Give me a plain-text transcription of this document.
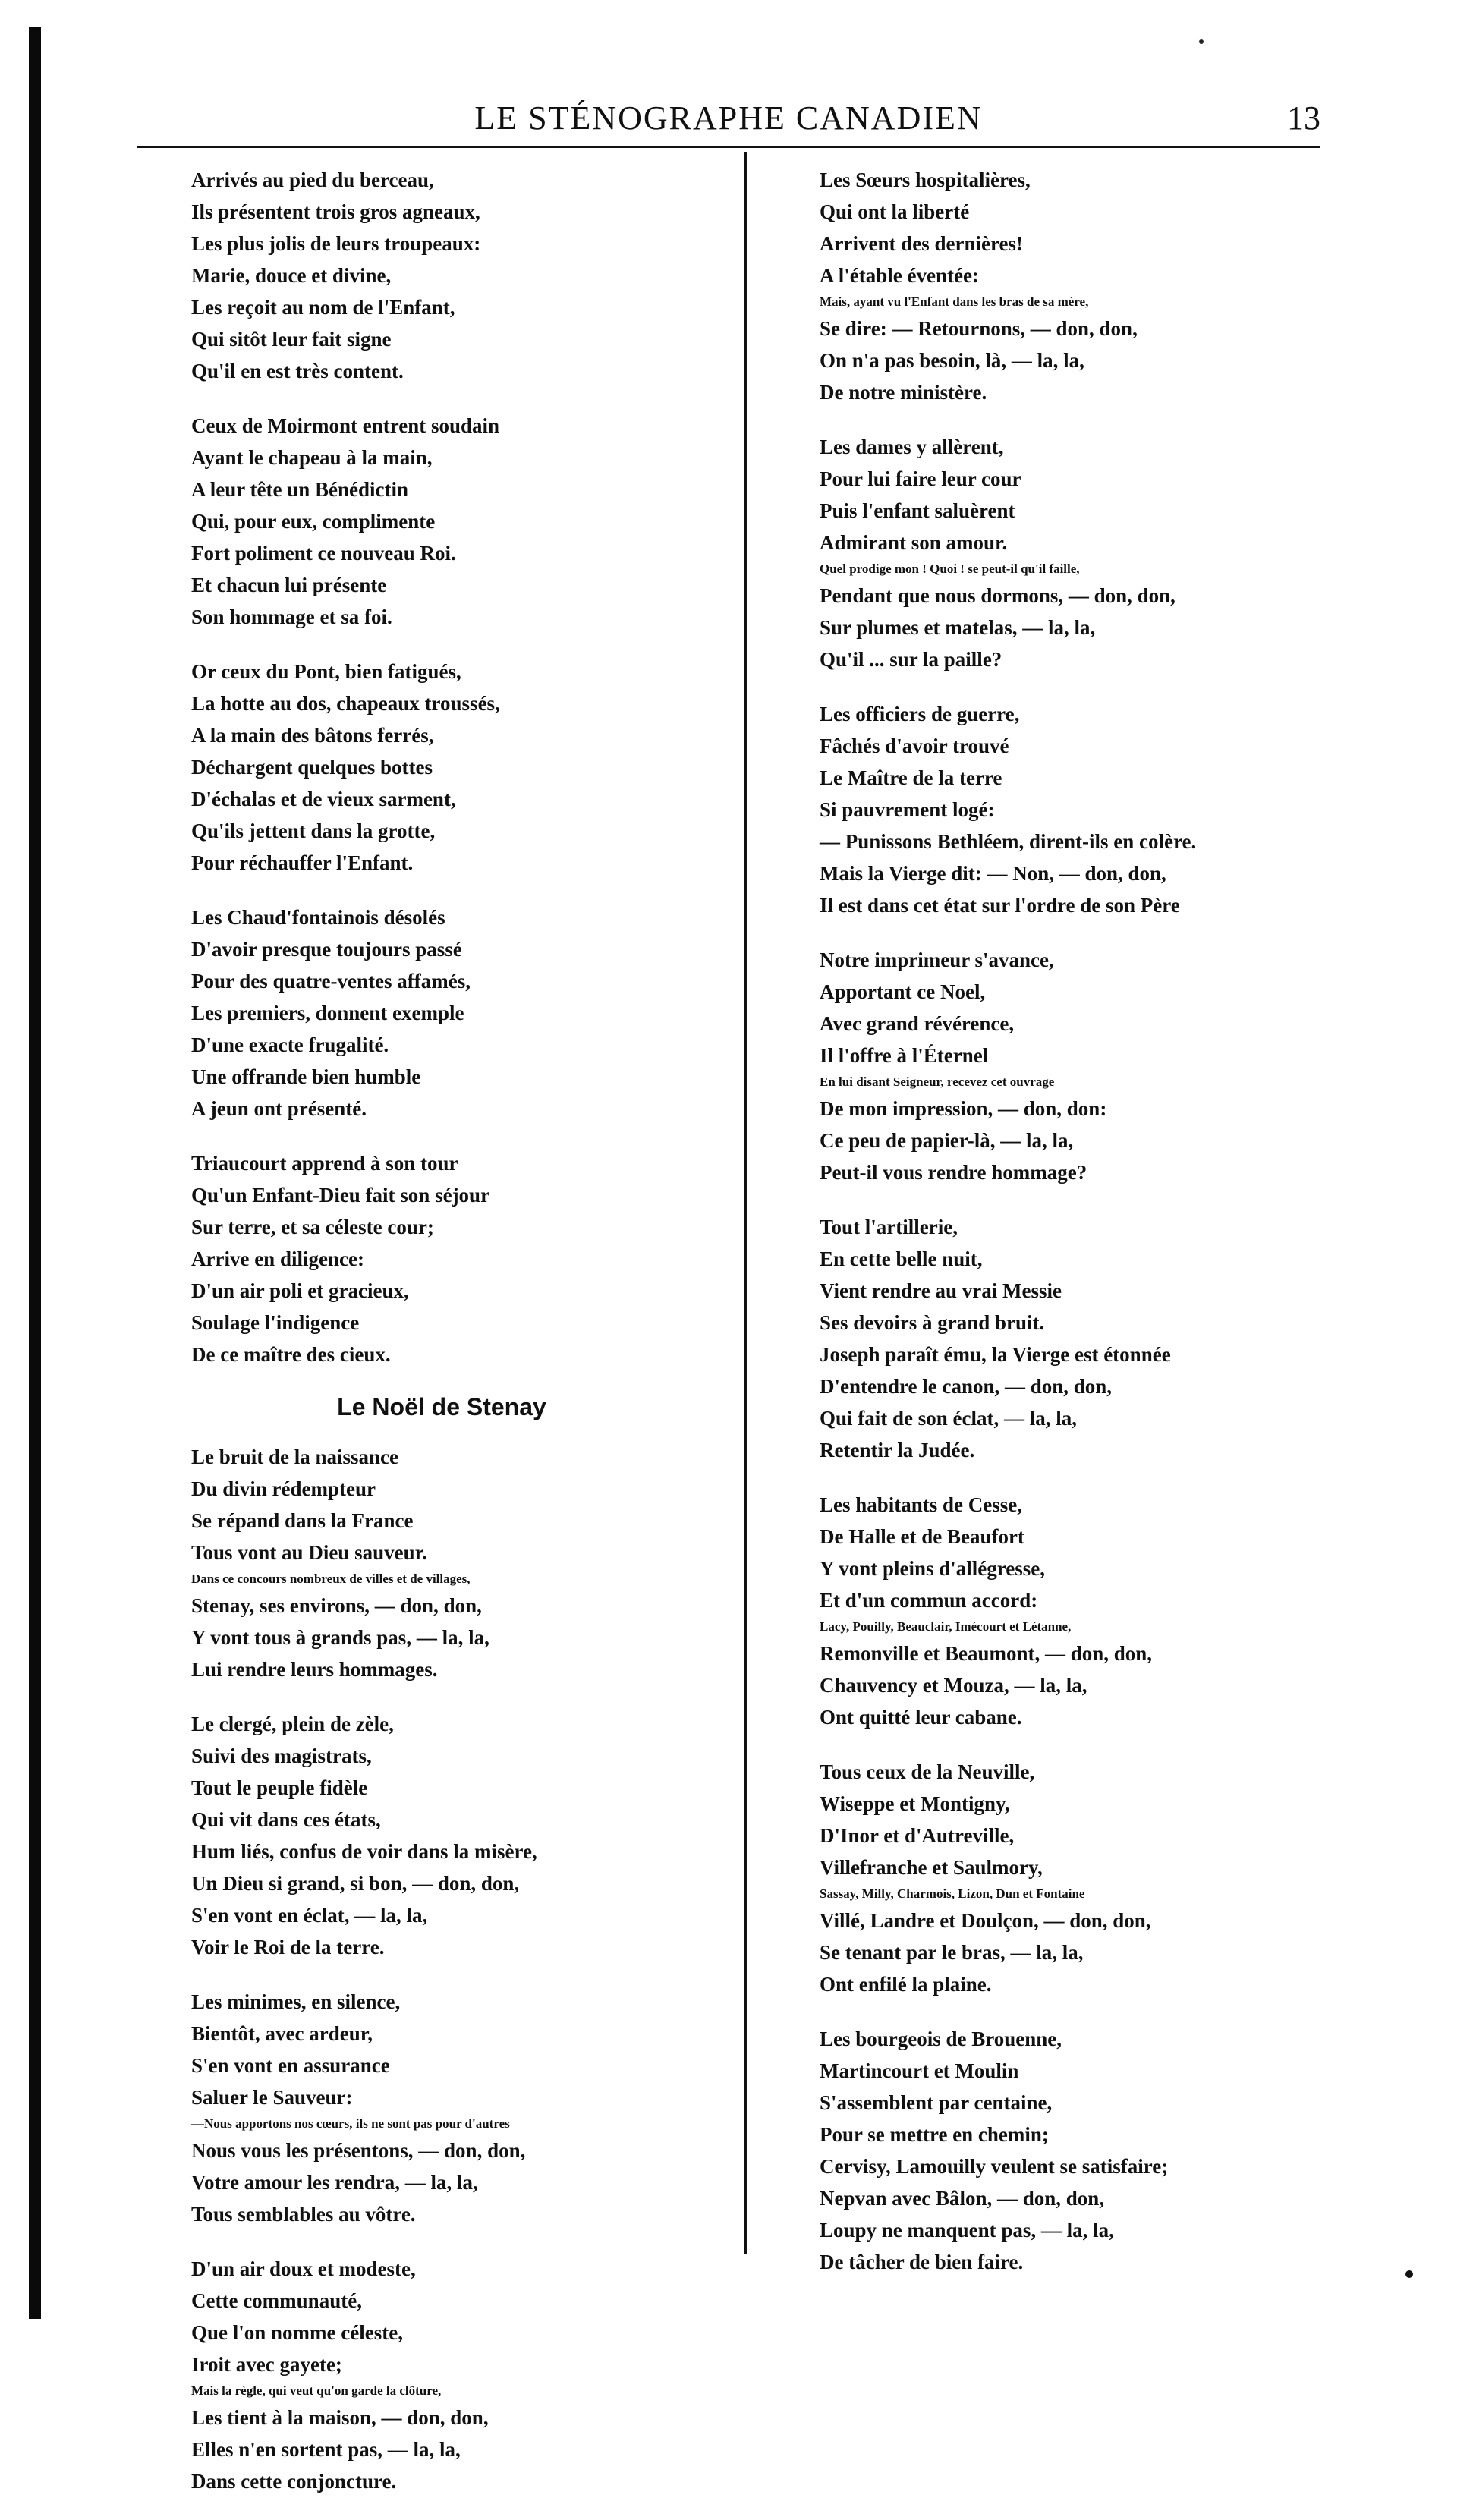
LE STÉNOGRAPHE CANADIEN	13
Arrivés au pied du berceau,
Ils présentent trois gros agneaux,
Les plus jolis de leurs troupeaux:
Marie, douce et divine,
Les reçoit au nom de l'Enfant,
Qui sitôt leur fait signe
Qu'il en est très content.
Ceux de Moirmont entrent soudain
Ayant le chapeau à la main,
A leur tête un Bénédictin
Qui, pour eux, complimente
Fort poliment ce nouveau Roi.
Et chacun lui présente
Son hommage et sa foi.
Or ceux du Pont, bien fatigués,
La hotte au dos, chapeaux troussés,
A la main des bâtons ferrés,
Déchargent quelques bottes
D'échalas et de vieux sarment,
Qu'ils jettent dans la grotte,
Pour réchauffer l'Enfant.
Les Chaud'fontainois désolés
D'avoir presque toujours passé
Pour des quatre-ventes affamés,
Les premiers, donnent exemple
D'une exacte frugalité.
Une offrande bien humble
A jeun ont présenté.
Triaucourt apprend à son tour
Qu'un Enfant-Dieu fait son séjour
Sur terre, et sa céleste cour;
Arrive en diligence:
D'un air poli et gracieux,
Soulage l'indigence
De ce maître des cieux.
Le Noël de Stenay
Le bruit de la naissance
Du divin rédempteur
Se répand dans la France
Tous vont au Dieu sauveur.
Dans ce concours nombreux de villes et de villages,
Stenay, ses environs, — don, don,
Y vont tous à grands pas, — la, la,
Lui rendre leurs hommages.
Le clergé, plein de zèle,
Suivi des magistrats,
Tout le peuple fidèle
Qui vit dans ces états,
Hum liés, confus de voir dans la misère,
Un Dieu si grand, si bon, — don, don,
S'en vont en éclat, — la, la,
Voir le Roi de la terre.
Les minimes, en silence,
Bientôt, avec ardeur,
S'en vont en assurance
Saluer le Sauveur:
—Nous apportons nos cœurs, ils ne sont pas pour d'autres
Nous vous les présentons, — don, don,
Votre amour les rendra, — la, la,
Tous semblables au vôtre.
D'un air doux et modeste,
Cette communauté,
Que l'on nomme céleste,
Iroit avec gayete;
Mais la règle, qui veut qu'on garde la clôture,
Les tient à la maison, — don, don,
Elles n'en sortent pas, — la, la,
Dans cette conjoncture.
Les Sœurs hospitalières,
Qui ont la liberté
Arrivent des dernières!
A l'étable éventée:
Mais, ayant vu l'Enfant dans les bras de sa mère,
Se dire: — Retournons, — don, don,
On n'a pas besoin, là, — la, la,
De notre ministère.
Les dames y allèrent,
Pour lui faire leur cour
Puis l'enfant saluèrent
Admirant son amour.
Quel prodige mon ! Quoi ! se peut-il qu'il faille,
Pendant que nous dormons, — don, don,
Sur plumes et matelas, — la, la,
Qu'il ... sur la paille?
Les officiers de guerre,
Fâchés d'avoir trouvé
Le Maître de la terre
Si pauvrement logé:
— Punissons Bethléem, dirent-ils en colère.
Mais la Vierge dit: — Non, — don, don,
Il est dans cet état sur l'ordre de son Père
Notre imprimeur s'avance,
Apportant ce Noel,
Avec grand révérence,
Il l'offre à l'Éternel
En lui disant Seigneur, recevez cet ouvrage
De mon impression, — don, don:
Ce peu de papier-là, — la, la,
Peut-il vous rendre hommage?
Tout l'artillerie,
En cette belle nuit,
Vient rendre au vrai Messie
Ses devoirs à grand bruit.
Joseph paraît ému, la Vierge est étonnée
D'entendre le canon, — don, don,
Qui fait de son éclat, — la, la,
Retentir la Judée.
Les habitants de Cesse,
De Halle et de Beaufort
Y vont pleins d'allégresse,
Et d'un commun accord:
Lacy, Pouilly, Beauclair, Imécourt et Létanne,
Remonville et Beaumont, — don, don,
Chauvency et Mouza, — la, la,
Ont quitté leur cabane.
Tous ceux de la Neuville,
Wiseppe et Montigny,
D'Inor et d'Autreville,
Villefranche et Saulmory,
Sassay, Milly, Charmois, Lizon, Dun et Fontaine
Villé, Landre et Doulçon, — don, don,
Se tenant par le bras, — la, la,
Ont enfilé la plaine.
Les bourgeois de Brouenne,
Martincourt et Moulin
S'assemblent par centaine,
Pour se mettre en chemin;
Cervisy, Lamouilly veulent se satisfaire;
Nepvan avec Bâlon, — don, don,
Loupy ne manquent pas, — la, la,
De tâcher de bien faire.
